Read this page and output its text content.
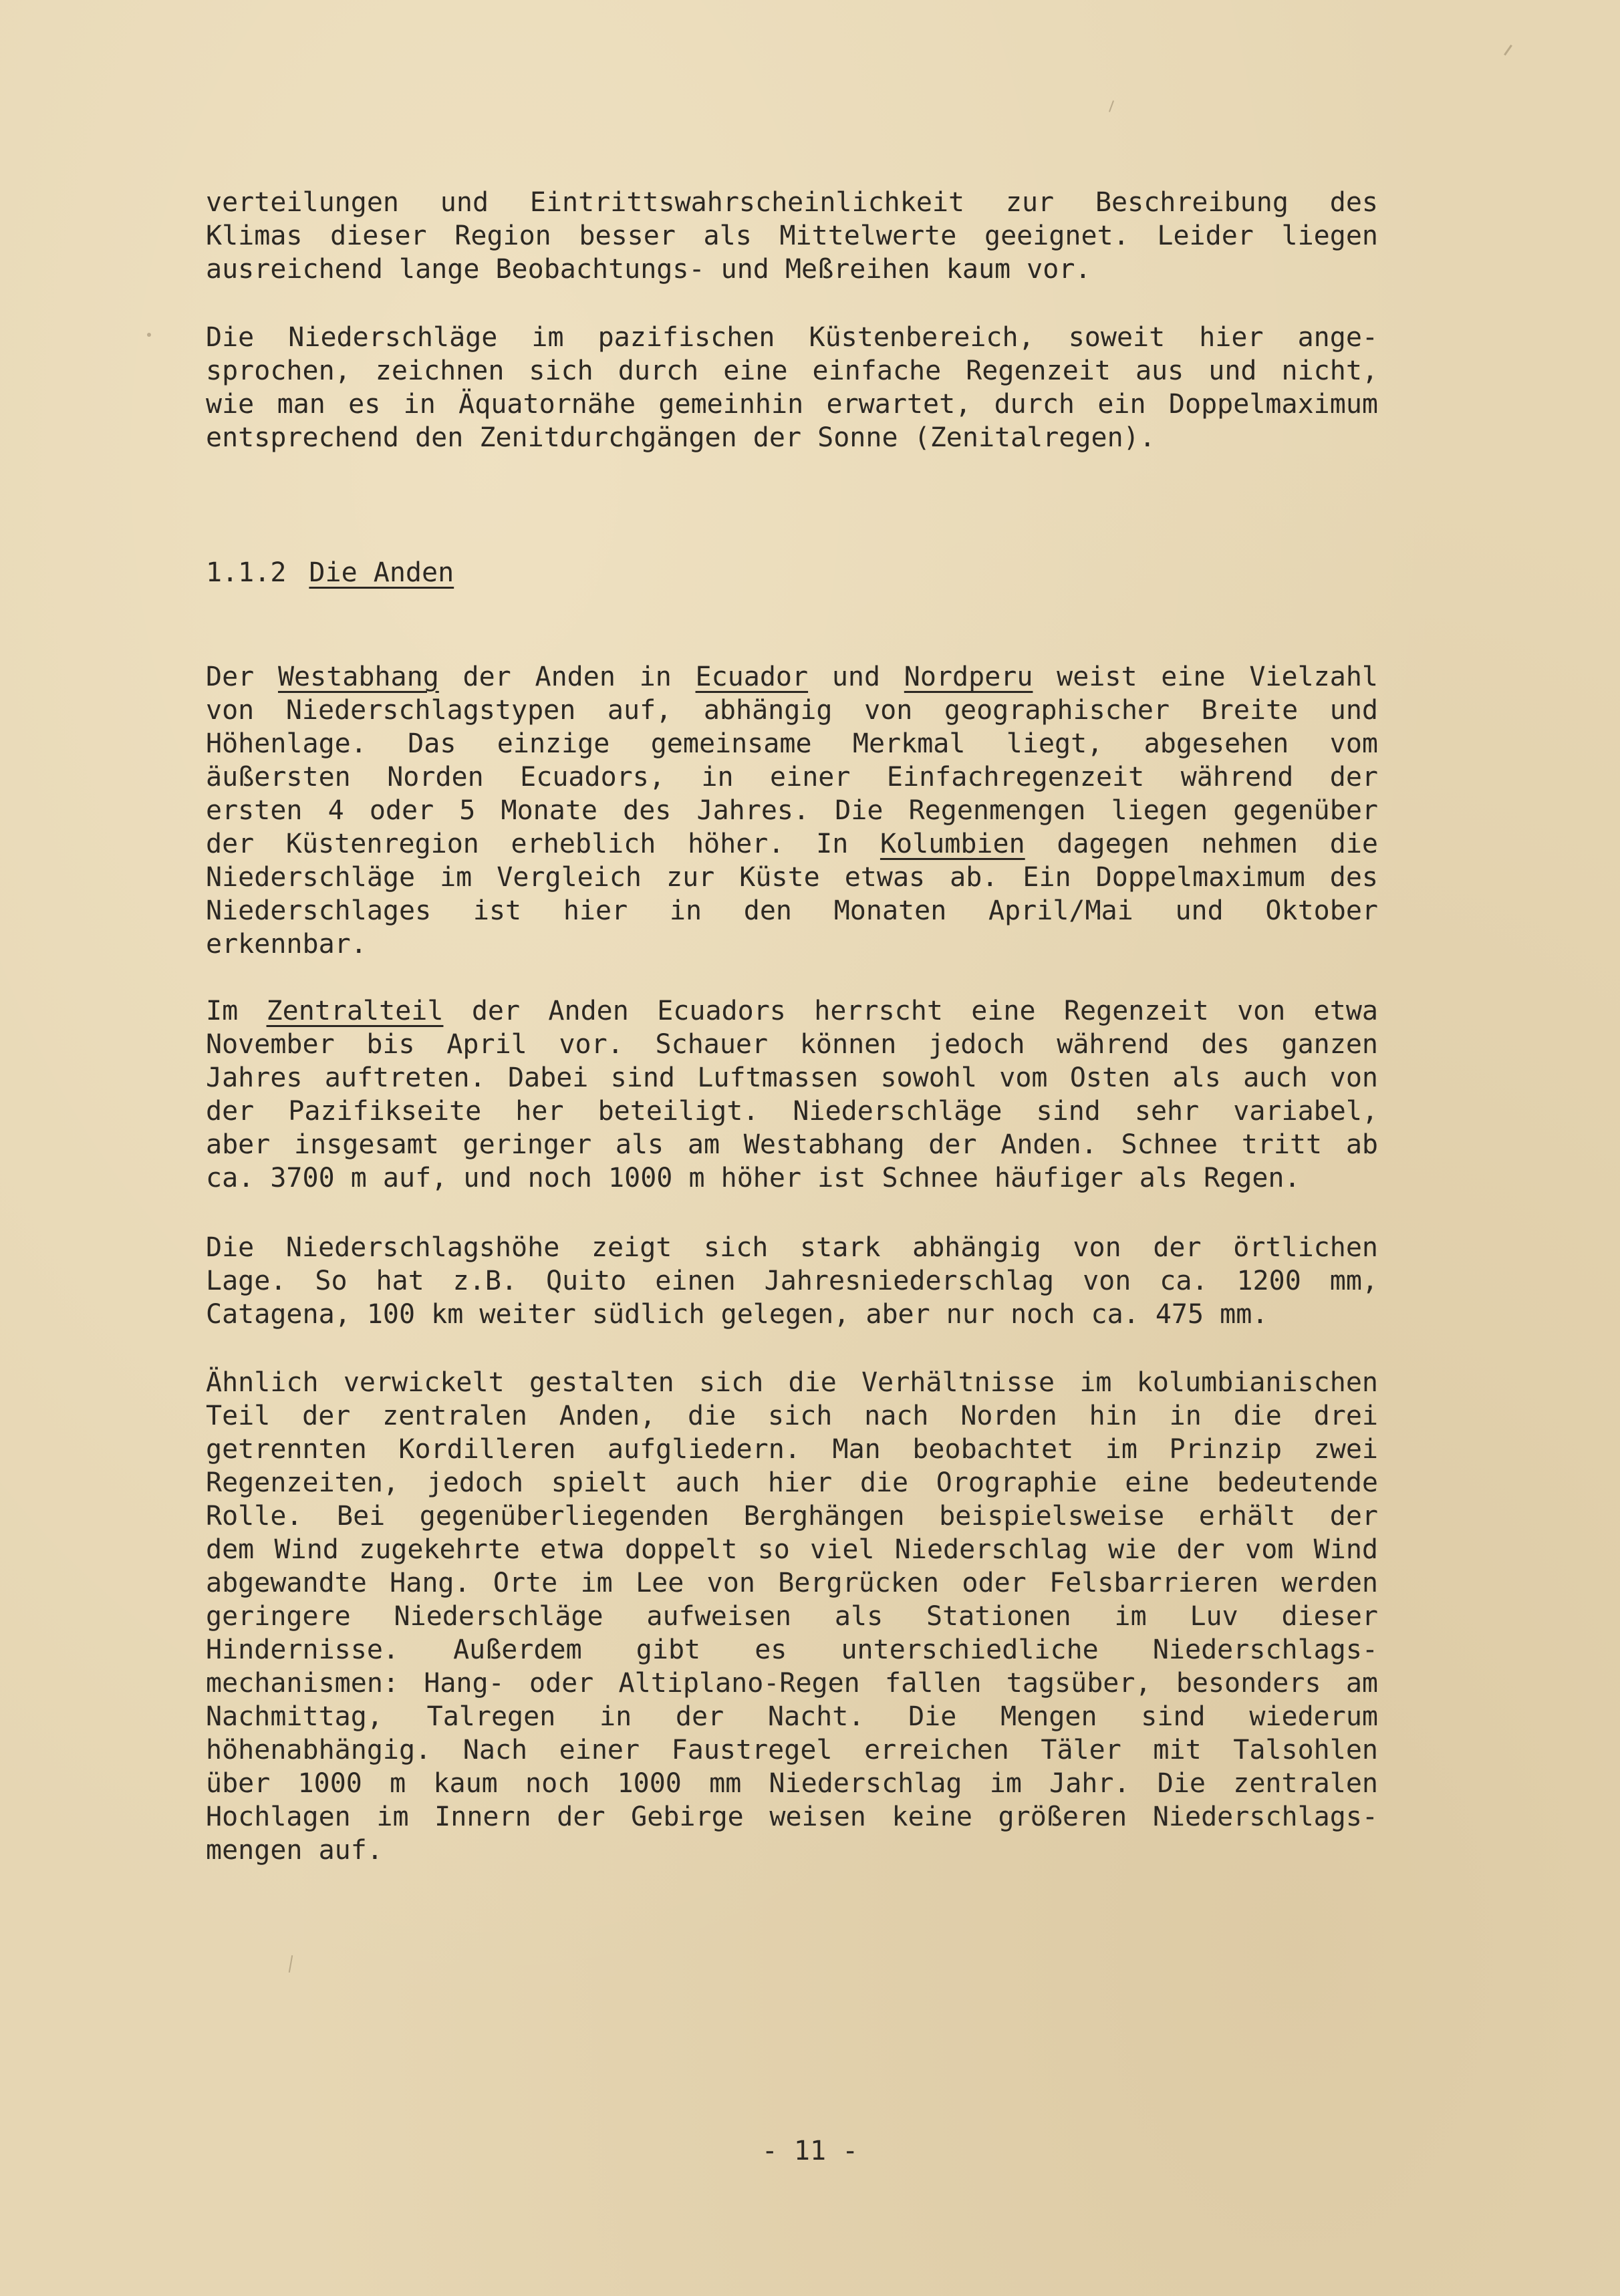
verteilungen und Eintrittswahrscheinlichkeit zur Beschreibung des
Klimas dieser Region besser als Mittelwerte geeignet. Leider liegen
ausreichend lange Beobachtungs- und Meßreihen kaum vor.

Die Niederschläge im pazifischen Küstenbereich, soweit hier ange-
sprochen, zeichnen sich durch eine einfache Regenzeit aus und nicht,
wie man es in Äquatornähe gemeinhin erwartet, durch ein Doppelmaximum
entsprechend den Zenitdurchgängen der Sonne (Zenitalregen).

1.1.2 Die Anden

Der Westabhang der Anden in Ecuador und Nordperu weist eine Vielzahl
von Niederschlagstypen auf, abhängig von geographischer Breite und
Höhenlage. Das einzige gemeinsame Merkmal liegt, abgesehen vom
äußersten Norden Ecuadors, in einer Einfachregenzeit während der
ersten 4 oder 5 Monate des Jahres. Die Regenmengen liegen gegenüber
der Küstenregion erheblich höher. In Kolumbien dagegen nehmen die
Niederschläge im Vergleich zur Küste etwas ab. Ein Doppelmaximum des
Niederschlages ist hier in den Monaten April/Mai und Oktober
erkennbar.

Im Zentralteil der Anden Ecuadors herrscht eine Regenzeit von etwa
November bis April vor. Schauer können jedoch während des ganzen
Jahres auftreten. Dabei sind Luftmassen sowohl vom Osten als auch von
der Pazifikseite her beteiligt. Niederschläge sind sehr variabel,
aber insgesamt geringer als am Westabhang der Anden. Schnee tritt ab
ca. 3700 m auf, und noch 1000 m höher ist Schnee häufiger als Regen.

Die Niederschlagshöhe zeigt sich stark abhängig von der örtlichen
Lage. So hat z.B. Quito einen Jahresniederschlag von ca. 1200 mm,
Catagena, 100 km weiter südlich gelegen, aber nur noch ca. 475 mm.

Ähnlich verwickelt gestalten sich die Verhältnisse im kolumbianischen
Teil der zentralen Anden, die sich nach Norden hin in die drei
getrennten Kordilleren aufgliedern. Man beobachtet im Prinzip zwei
Regenzeiten, jedoch spielt auch hier die Orographie eine bedeutende
Rolle. Bei gegenüberliegenden Berghängen beispielsweise erhält der
dem Wind zugekehrte etwa doppelt so viel Niederschlag wie der vom Wind
abgewandte Hang. Orte im Lee von Bergrücken oder Felsbarrieren werden
geringere Niederschläge aufweisen als Stationen im Luv dieser
Hindernisse. Außerdem gibt es unterschiedliche Niederschlags-
mechanismen: Hang- oder Altiplano-Regen fallen tagsüber, besonders am
Nachmittag, Talregen in der Nacht. Die Mengen sind wiederum
höhenabhängig. Nach einer Faustregel erreichen Täler mit Talsohlen
über 1000 m kaum noch 1000 mm Niederschlag im Jahr. Die zentralen
Hochlagen im Innern der Gebirge weisen keine größeren Niederschlags-
mengen auf.

- 11 -
